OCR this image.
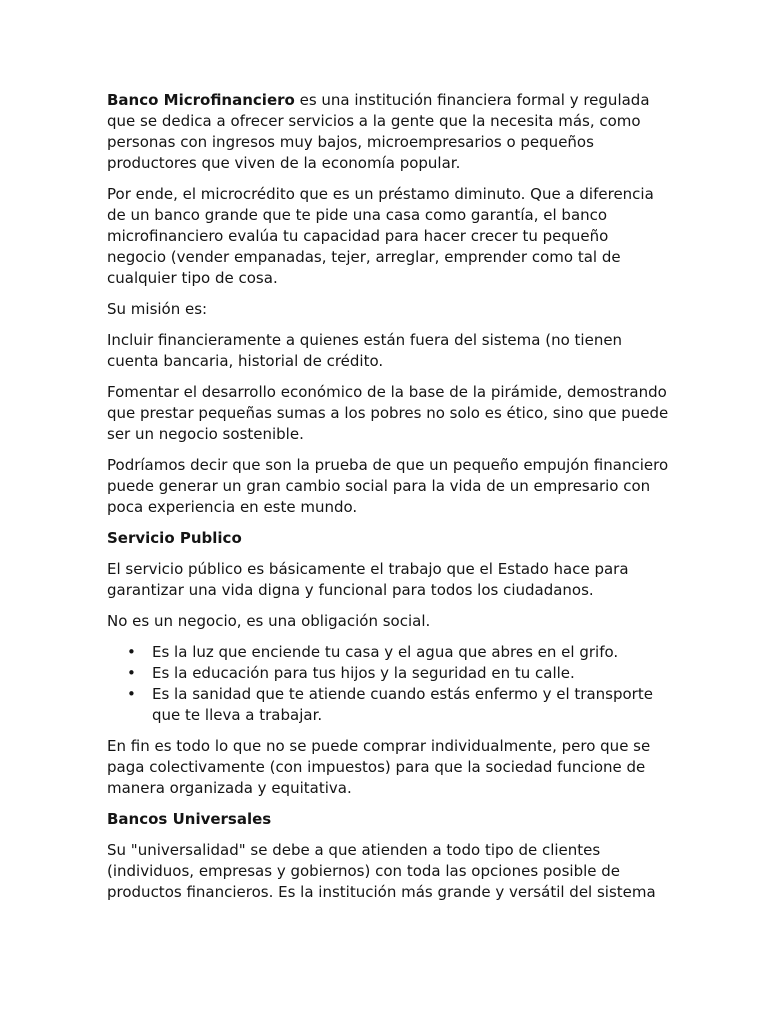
Banco Microfinanciero es una institución financiera formal y regulada que se dedica a ofrecer servicios a la gente que la necesita más, como personas con ingresos muy bajos, microempresarios o pequeños productores que viven de la economía popular.

Por ende, el microcrédito que es un préstamo diminuto. Que a diferencia de un banco grande que te pide una casa como garantía, el banco microfinanciero evalúa tu capacidad para hacer crecer tu pequeño negocio (vender empanadas, tejer, arreglar, emprender como tal de cualquier tipo de cosa.

Su misión es:

Incluir financieramente a quienes están fuera del sistema (no tienen cuenta bancaria, historial de crédito.

Fomentar el desarrollo económico de la base de la pirámide, demostrando que prestar pequeñas sumas a los pobres no solo es ético, sino que puede ser un negocio sostenible.

Podríamos decir que son la prueba de que un pequeño empujón financiero puede generar un gran cambio social para la vida de un empresario con poca experiencia en este mundo.

Servicio Publico

El servicio público es básicamente el trabajo que el Estado hace para garantizar una vida digna y funcional para todos los ciudadanos.

No es un negocio, es una obligación social.

• Es la luz que enciende tu casa y el agua que abres en el grifo.
• Es la educación para tus hijos y la seguridad en tu calle.
• Es la sanidad que te atiende cuando estás enfermo y el transporte que te lleva a trabajar.

En fin es todo lo que no se puede comprar individualmente, pero que se paga colectivamente (con impuestos) para que la sociedad funcione de manera organizada y equitativa.

Bancos Universales

Su "universalidad" se debe a que atienden a todo tipo de clientes (individuos, empresas y gobiernos) con toda las opciones posible de productos financieros. Es la institución más grande y versátil del sistema
